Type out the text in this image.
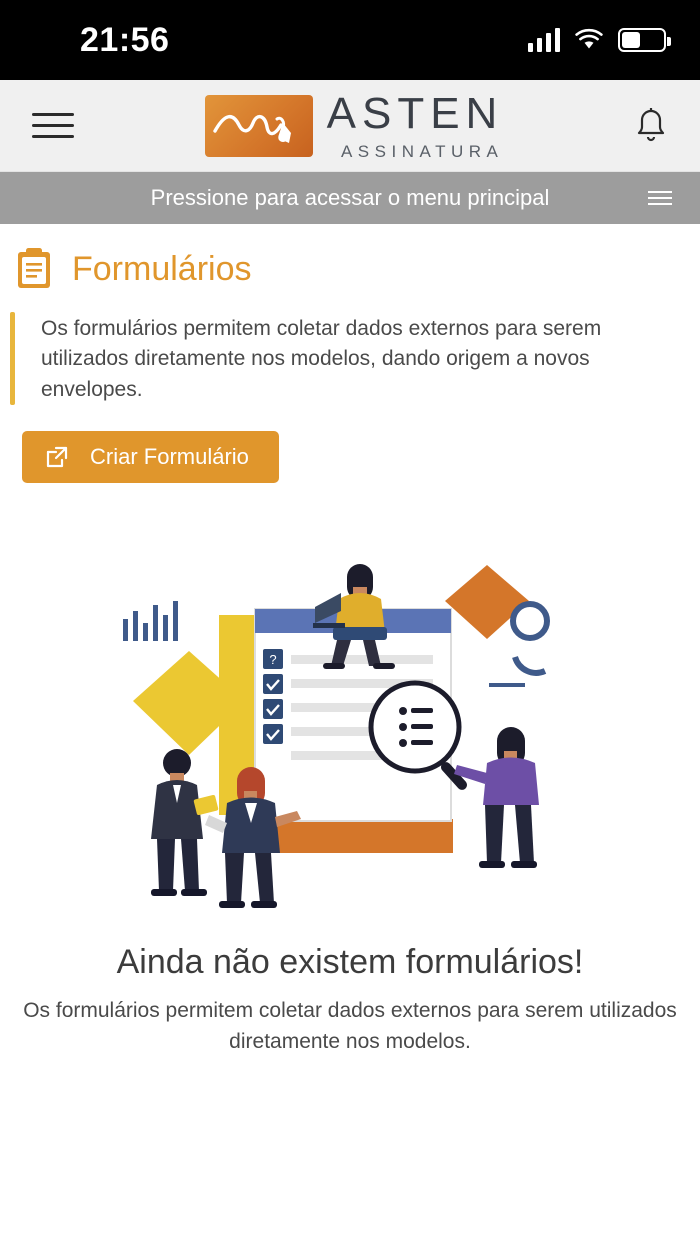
21:56
ASTEN
ASSINATURA
Pressione para acessar o menu principal
Formulários
Os formulários permitem coletar dados externos para serem utilizados diretamente nos modelos, dando origem a novos envelopes.
Criar Formulário
?
Ainda não existem formulários!
Os formulários permitem coletar dados externos para serem utilizados diretamente nos modelos.
